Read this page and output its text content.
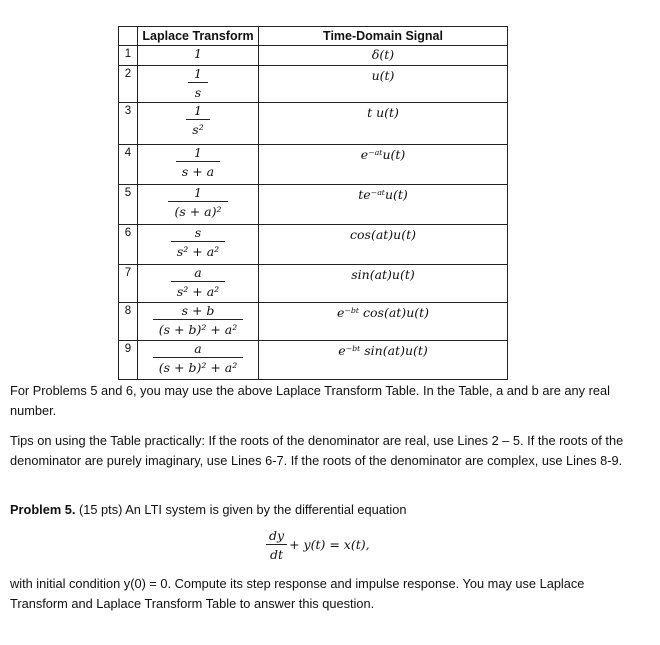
	Laplace Transform	Time-Domain Signal
1	1	δ(t)

2	$\frac{1}{s}$	u(t)

3	$\frac{1}{\text{s²}}$	t u(t)

4	$\frac{1}{s + a}$	e⁻ᵃᵗu(t)

5	$\frac{1}{\text{(s + a)²}}$	te⁻ᵃᵗu(t)

6	$\frac{s}{\text{s² + a²}}$	cos(at)u(t)

7	$\frac{a}{\text{s² + a²}}$	sin(at)u(t)

8	$\frac{s + b}{\text{(s + b)² + a²}}$	e⁻ᵇᵗ cos(at)u(t)

9	$\frac{a}{\text{(s + b)² + a²}}$	e⁻ᵇᵗ sin(at)u(t)
For Problems 5 and 6, you may use the above Laplace Transform Table. In the Table, a and b are any real number.
Tips on using the Table practically: If the roots of the denominator are real, use Lines 2 – 5. If the roots of the denominator are purely imaginary, use Lines 6-7. If the roots of the denominator are complex, use Lines 8-9.
Problem 5. (15 pts) An LTI system is given by the differential equation
$\frac{dy}{dt} _{+ y(t) = x(t),}$
with initial condition y(0) = 0. Compute its step response and impulse response. You may use Laplace Transform and Laplace Transform Table to answer this question.
